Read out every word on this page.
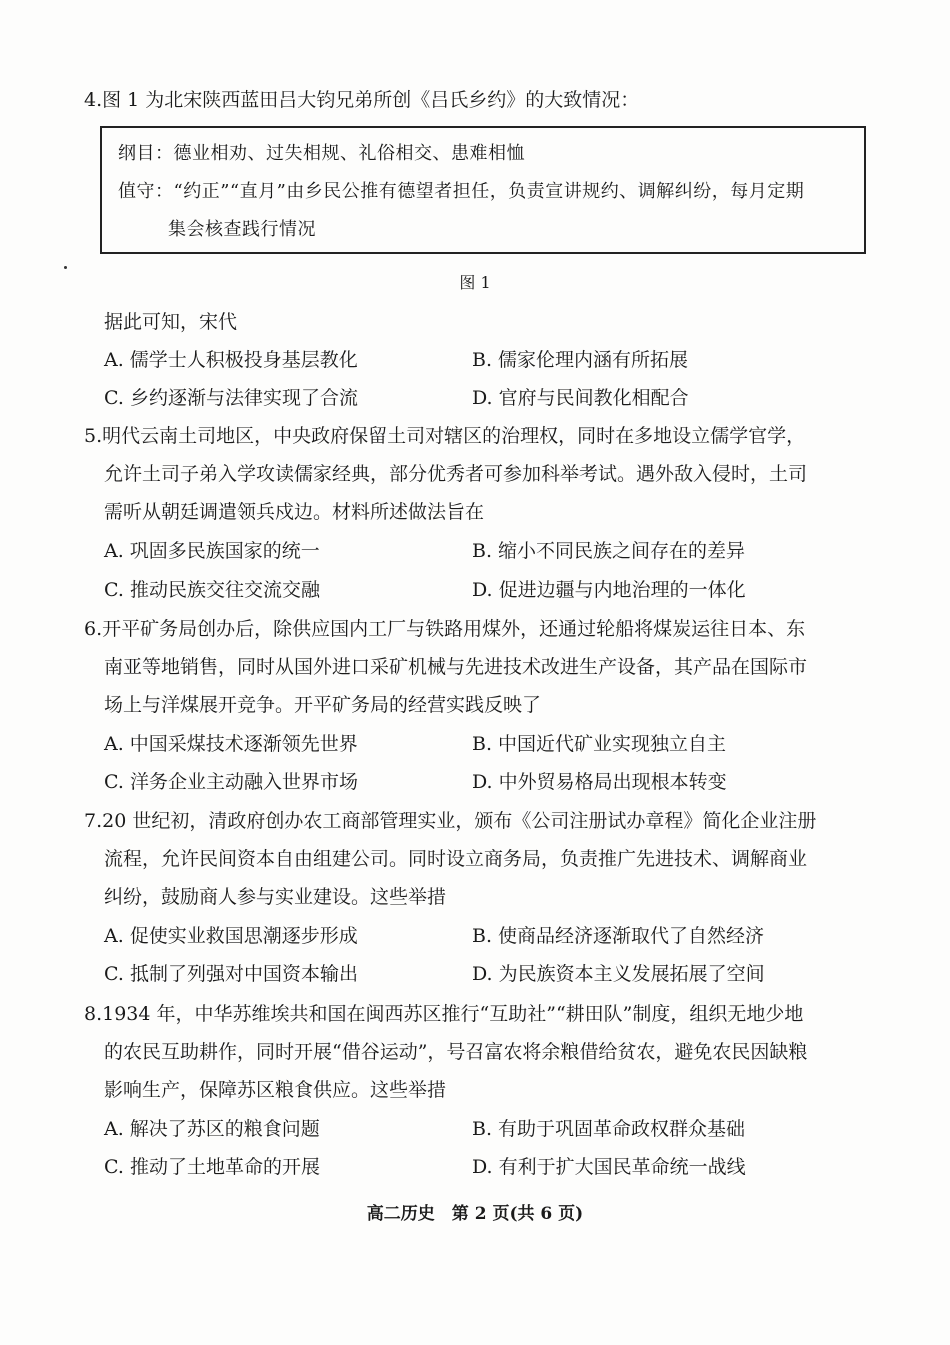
4.图 1 为北宋陕西蓝田吕大钧兄弟所创《吕氏乡约》的大致情况：
纲目：德业相劝、过失相规、礼俗相交、患难相恤
值守：“约正”“直月”由乡民公推有德望者担任，负责宣讲规约、调解纠纷，每月定期
集会核查践行情况
图 1
据此可知，宋代
A. 儒学士人积极投身基层教化	B. 儒家伦理内涵有所拓展
C. 乡约逐渐与法律实现了合流	D. 官府与民间教化相配合
5.明代云南土司地区，中央政府保留土司对辖区的治理权，同时在多地设立儒学官学，
允许土司子弟入学攻读儒家经典，部分优秀者可参加科举考试。遇外敌入侵时，土司
需听从朝廷调遣领兵戍边。材料所述做法旨在
A. 巩固多民族国家的统一	B. 缩小不同民族之间存在的差异
C. 推动民族交往交流交融	D. 促进边疆与内地治理的一体化
6.开平矿务局创办后，除供应国内工厂与铁路用煤外，还通过轮船将煤炭运往日本、东
南亚等地销售，同时从国外进口采矿机械与先进技术改进生产设备，其产品在国际市
场上与洋煤展开竞争。开平矿务局的经营实践反映了
A. 中国采煤技术逐渐领先世界	B. 中国近代矿业实现独立自主
C. 洋务企业主动融入世界市场	D. 中外贸易格局出现根本转变
7.20 世纪初，清政府创办农工商部管理实业，颁布《公司注册试办章程》简化企业注册
流程，允许民间资本自由组建公司。同时设立商务局，负责推广先进技术、调解商业
纠纷，鼓励商人参与实业建设。这些举措
A. 促使实业救国思潮逐步形成	B. 使商品经济逐渐取代了自然经济
C. 抵制了列强对中国资本输出	D. 为民族资本主义发展拓展了空间
8.1934 年，中华苏维埃共和国在闽西苏区推行“互助社”“耕田队”制度，组织无地少地
的农民互助耕作，同时开展“借谷运动”，号召富农将余粮借给贫农，避免农民因缺粮
影响生产，保障苏区粮食供应。这些举措
A. 解决了苏区的粮食问题	B. 有助于巩固革命政权群众基础
C. 推动了土地革命的开展	D. 有利于扩大国民革命统一战线
高二历史　第 2 页(共 6 页)
